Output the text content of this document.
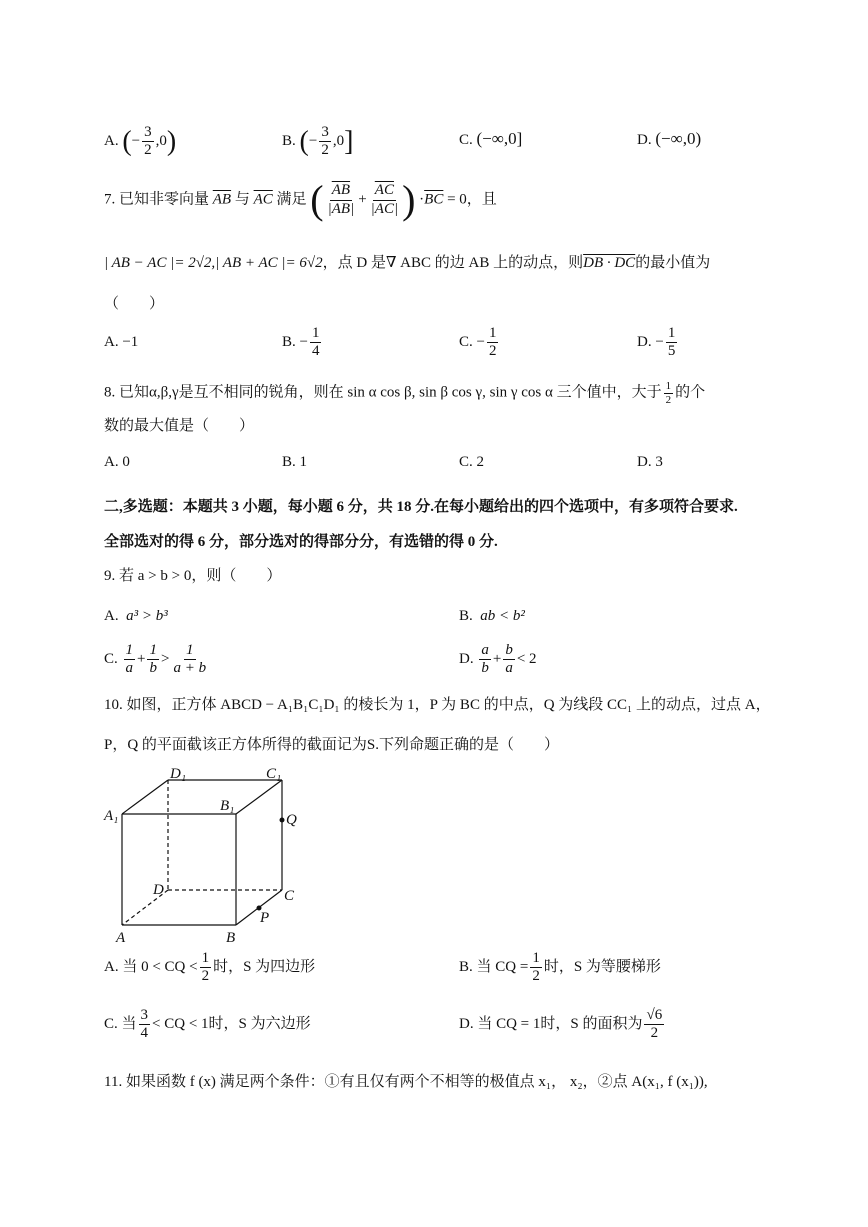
A. (− $\frac{3}{2} ,0$)	B. (− $\frac{3}{2} ,0$]	C. (−∞,0]	D. (−∞,0)
7. 已知非零向量 $\overline{AB}$ 与 $\overline{AC}$ 满足 ( $\frac{\overline{AB}}{|AB|} + \frac{\overline{AC}}{|AC|}$ ) $\cdot\overline{BC} = 0$，且
| AB − AC |= 2√2,| AB + AC |= 6√2，点 D 是∇ ABC 的边 AB 上的动点，则DB · DC的最小值为
（　　）
A. −1	B. − $\frac{1}{4}$	C. − $\frac{1}{2}$	D. − $\frac{1}{5}$
8. 已知α,β,γ是互不相同的锐角，则在 sin α cos β, sin β cos γ, sin γ cos α 三个值中，大于 $\frac{1}{2}$ 的个
数的最大值是（　　）
A. 0	B. 1	C. 2	D. 3
二,多选题：本题共 3 小题，每小题 6 分，共 18 分.在每小题给出的四个选项中，有多项符合要求.
全部选对的得 6 分，部分选对的得部分分，有选错的得 0 分.
9. 若 a > b > 0，则（　　）
A. a³ > b³	B. ab < b²
C. $\frac{1}{a} + \frac{1}{b} > \frac{1}{a + b}$	D. $\frac{a}{b} + \frac{b}{a} < 2$
10. 如图，正方体 ABCD − A₁B₁C₁D₁ 的棱长为 1，P 为 BC 的中点，Q 为线段 CC₁ 上的动点，过点 A，
P，Q 的平面截该正方体所得的截面记为S.下列命题正确的是（　　）
D₁	C₁
A₁
B₁
Q
D	C
P
A	B
A. 当 0 < CQ < $\frac{1}{2}$ 时，S 为四边形	B. 当 CQ = $\frac{1}{2}$ 时，S 为等腰梯形
C. 当 $\frac{3}{4}$ < CQ < 1时，S 为六边形	D. 当 CQ = 1时，S 的面积为 $\frac{√6}{2}$
11. 如果函数 f (x) 满足两个条件：①有且仅有两个不相等的极值点 x₁， x₂，②点 A(x₁, f (x₁)),
